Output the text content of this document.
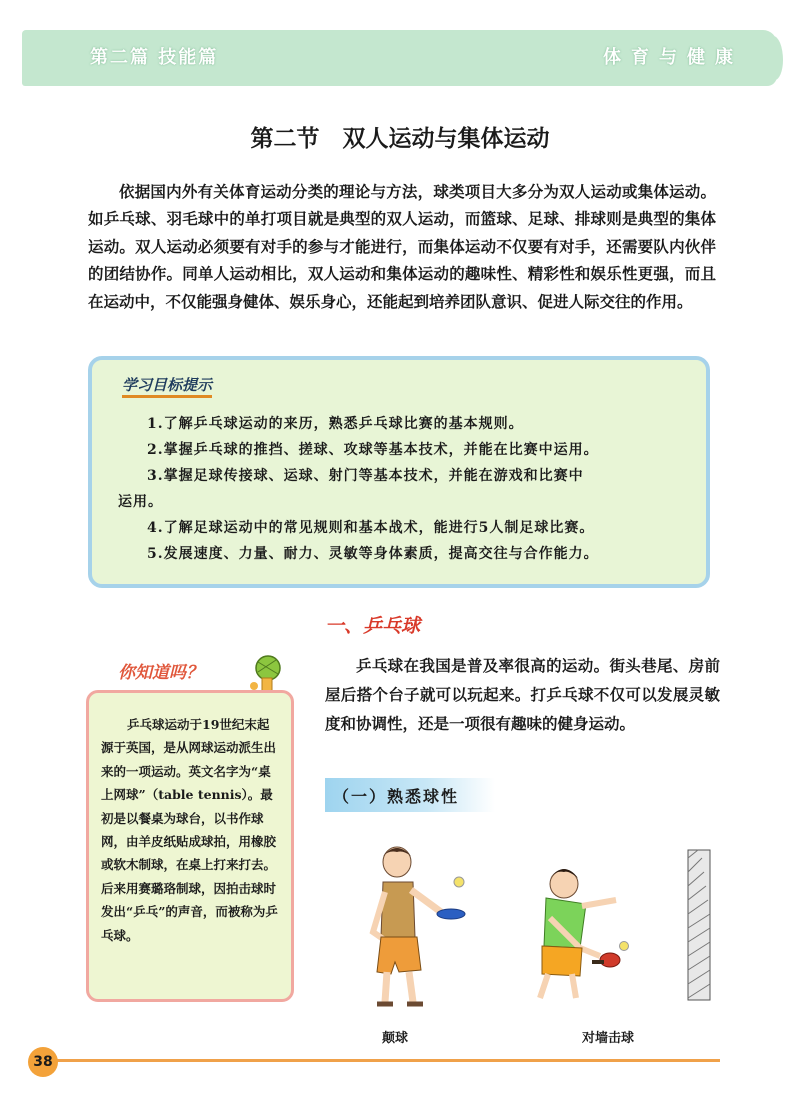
第二篇 技能篇	体育与健康
第二节　双人运动与集体运动

依据国内外有关体育运动分类的理论与方法，球类项目大多分为双人运动或集体运动。如乒乓球、羽毛球中的单打项目就是典型的双人运动，而篮球、足球、排球则是典型的集体运动。双人运动必须要有对手的参与才能进行，而集体运动不仅要有对手，还需要队内伙伴的团结协作。同单人运动相比，双人运动和集体运动的趣味性、精彩性和娱乐性更强，而且在运动中，不仅能强身健体、娱乐身心，还能起到培养团队意识、促进人际交往的作用。

学习目标提示
1.了解乒乓球运动的来历，熟悉乒乓球比赛的基本规则。
2.掌握乒乓球的推挡、搓球、攻球等基本技术，并能在比赛中运用。
3.掌握足球传接球、运球、射门等基本技术，并能在游戏和比赛中
运用。
4.了解足球运动中的常见规则和基本战术，能进行5人制足球比赛。
5.发展速度、力量、耐力、灵敏等身体素质，提高交往与合作能力。
一、乒乓球

乒乓球在我国是普及率很高的运动。街头巷尾、房前屋后搭个台子就可以玩起来。打乒乓球不仅可以发展灵敏度和协调性，还是一项很有趣味的健身运动。

（一）熟悉球性
你知道吗？

乒乓球运动于19世纪末起源于英国，是从网球运动派生出来的一项运动。英文名字为“桌上网球”（table tennis）。最初是以餐桌为球台，以书作球网，由羊皮纸贴成球拍，用橡胶或软木制球，在桌上打来打去。后来用赛璐珞制球，因拍击球时发出“乒乓”的声音，而被称为乒乓球。

颠球	对墙击球
38
